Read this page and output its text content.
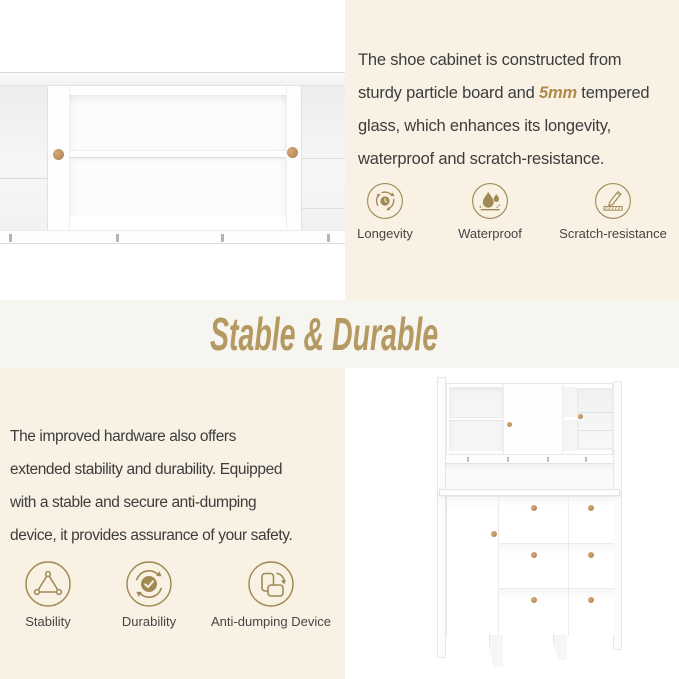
The shoe cabinet is constructed from
sturdy particle board and 5mm tempered
glass, which enhances its longevity,
waterproof and scratch-resistance.
Longevity	Waterproof	Scratch-resistance
Stable & Durable
The improved hardware also offers
extended stability and durability. Equipped
with a stable and secure anti-dumping
device, it provides assurance of your safety.
Stability	Durability	Anti-dumping Device
